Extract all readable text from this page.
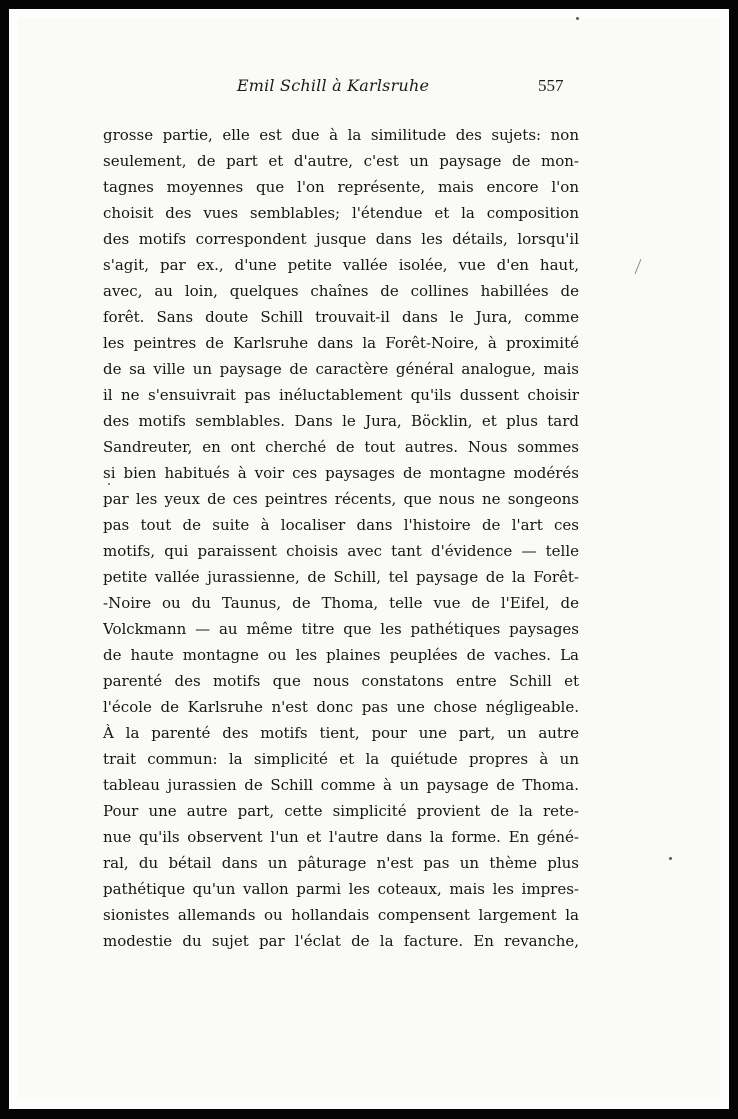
Emil Schill à Karlsruhe	557
grosse partie, elle est due à la similitude des sujets: non
seulement, de part et d'autre, c'est un paysage de mon-
tagnes moyennes que l'on représente, mais encore l'on
choisit des vues semblables; l'étendue et la composition
des motifs correspondent jusque dans les détails, lorsqu'il
s'agit, par ex., d'une petite vallée isolée, vue d'en haut,
avec, au loin, quelques chaînes de collines habillées de
forêt. Sans doute Schill trouvait-il dans le Jura, comme
les peintres de Karlsruhe dans la Forêt-Noire, à proximité
de sa ville un paysage de caractère général analogue, mais
il ne s'ensuivrait pas inéluctablement qu'ils dussent choisir
des motifs semblables. Dans le Jura, Böcklin, et plus tard
Sandreuter, en ont cherché de tout autres. Nous sommes
si bien habitués à voir ces paysages de montagne modérés
par les yeux de ces peintres récents, que nous ne songeons
pas tout de suite à localiser dans l'histoire de l'art ces
motifs, qui paraissent choisis avec tant d'évidence — telle
petite vallée jurassienne, de Schill, tel paysage de la Forêt-
-Noire ou du Taunus, de Thoma, telle vue de l'Eifel, de
Volckmann — au même titre que les pathétiques paysages
de haute montagne ou les plaines peuplées de vaches. La
parenté des motifs que nous constatons entre Schill et
l'école de Karlsruhe n'est donc pas une chose négligeable.
À la parenté des motifs tient, pour une part, un autre
trait commun: la simplicité et la quiétude propres à un
tableau jurassien de Schill comme à un paysage de Thoma.
Pour une autre part, cette simplicité provient de la rete-
nue qu'ils observent l'un et l'autre dans la forme. En géné-
ral, du bétail dans un pâturage n'est pas un thème plus
pathétique qu'un vallon parmi les coteaux, mais les impres-
sionistes allemands ou hollandais compensent largement la
modestie du sujet par l'éclat de la facture. En revanche,
